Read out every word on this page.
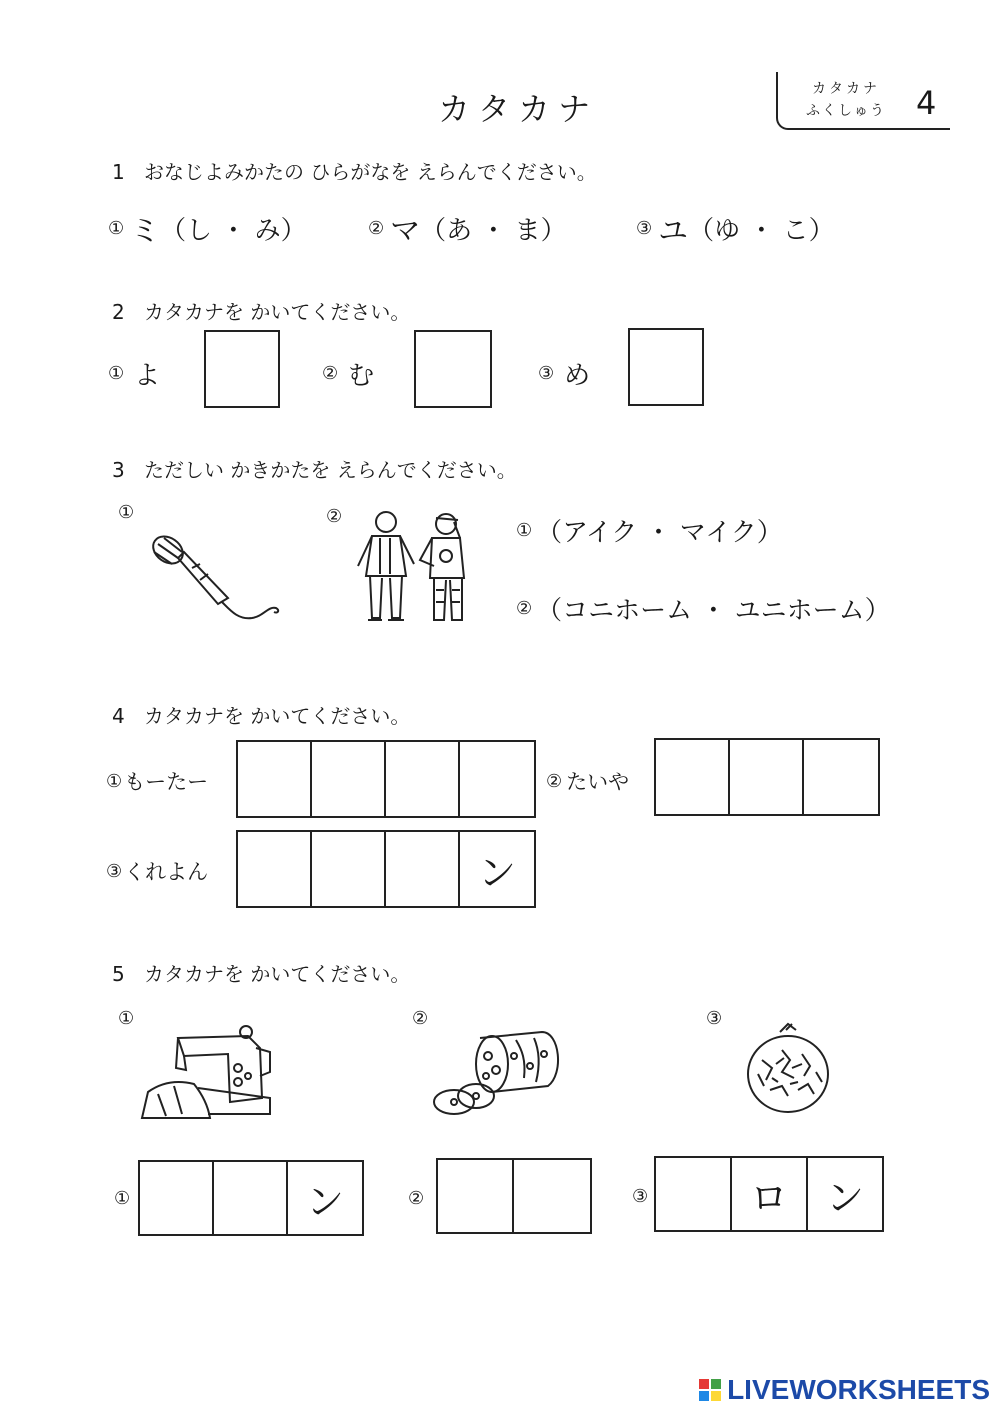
カタカナ
カタカナ
ふくしゅう 4
1 おなじよみかたの ひらがなを えらんでください。
① ミ （し ・ み）	② マ （あ ・ ま）	③ ユ （ゆ ・ こ）
2 カタカナを かいてください。
① よ	② む	③ め
3 ただしい かきかたを えらんでください。
①	②
① （アイク ・ マイク）
② （コニホーム ・ ユニホーム）
4 カタカナを かいてください。
① もーたー	② たいや
③ くれよん	ン
5 カタカナを かいてください。
①	②	③
①	ン	②	③	ロ ン
LIVEWORKSHEETS
